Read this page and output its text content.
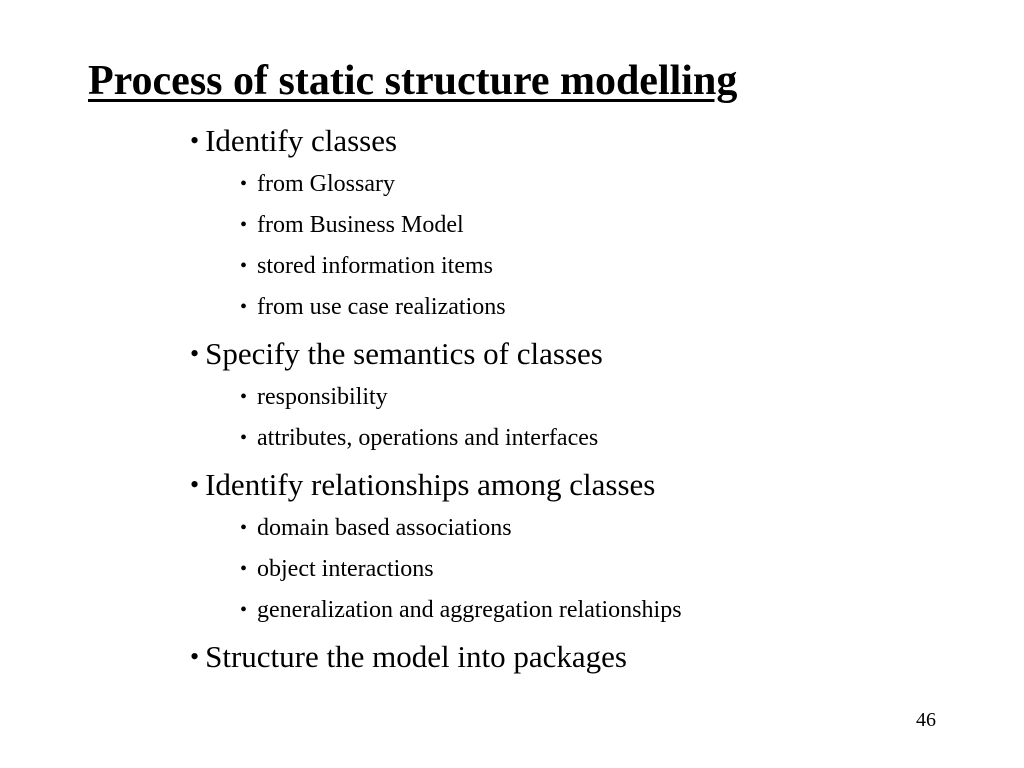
Process of static structure modelling
• Identify classes
• from Glossary
• from Business Model
• stored information items
• from use case realizations
• Specify the semantics of classes
• responsibility
• attributes, operations and interfaces
• Identify relationships among classes
• domain based associations
• object interactions
• generalization and aggregation relationships
• Structure the model into packages
46
